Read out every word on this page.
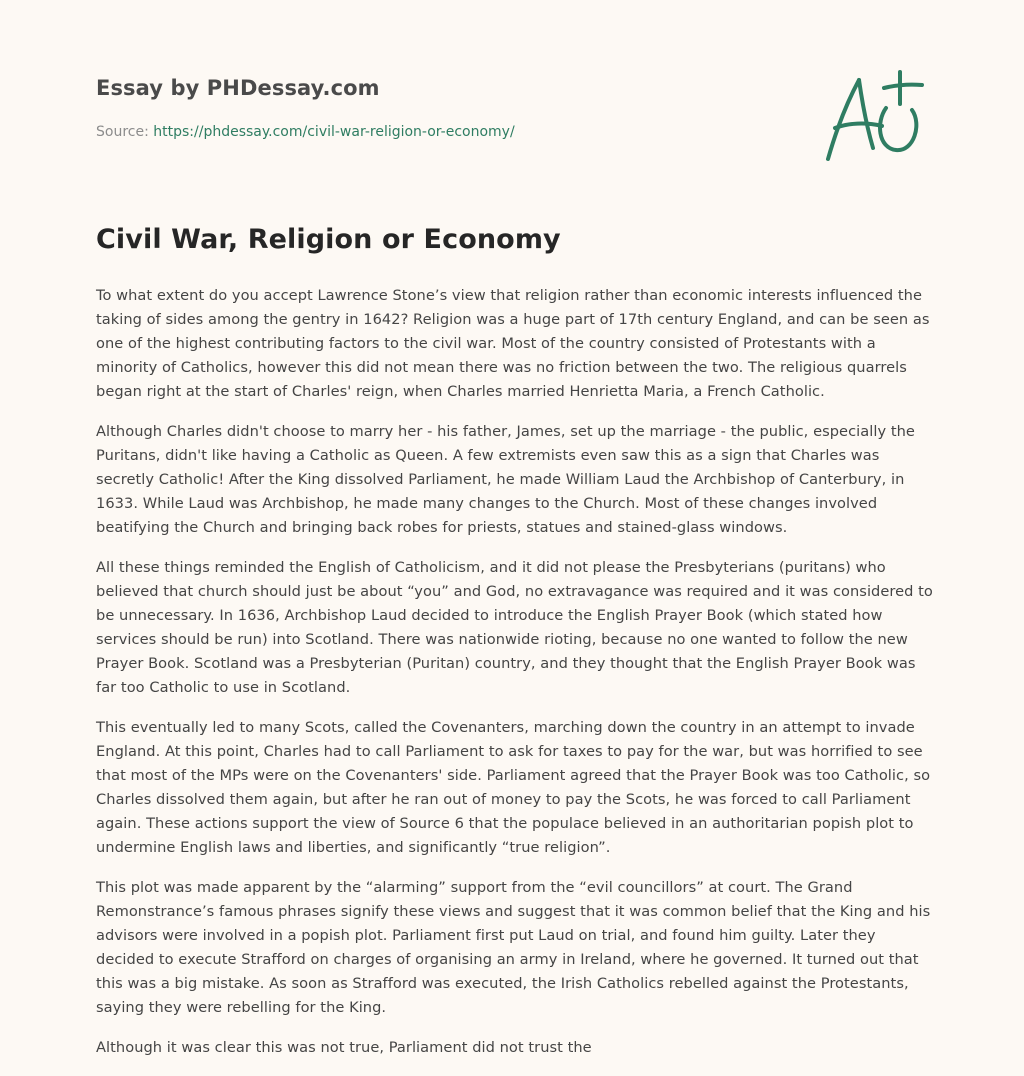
Essay by PHDessay.com
Source: https://phdessay.com/civil-war-religion-or-economy/
Civil War, Religion or Economy

To what extent do you accept Lawrence Stone’s view that religion rather than economic interests influenced the taking of sides among the gentry in 1642? Religion was a huge part of 17th century England, and can be seen as one of the highest contributing factors to the civil war. Most of the country consisted of Protestants with a minority of Catholics, however this did not mean there was no friction between the two. The religious quarrels began right at the start of Charles' reign, when Charles married Henrietta Maria, a French Catholic.

Although Charles didn't choose to marry her - his father, James, set up the marriage - the public, especially the Puritans, didn't like having a Catholic as Queen. A few extremists even saw this as a sign that Charles was secretly Catholic! After the King dissolved Parliament, he made William Laud the Archbishop of Canterbury, in 1633. While Laud was Archbishop, he made many changes to the Church. Most of these changes involved beatifying the Church and bringing back robes for priests, statues and stained-glass windows.

All these things reminded the English of Catholicism, and it did not please the Presbyterians (puritans) who believed that church should just be about “you” and God, no extravagance was required and it was considered to be unnecessary. In 1636, Archbishop Laud decided to introduce the English Prayer Book (which stated how services should be run) into Scotland. There was nationwide rioting, because no one wanted to follow the new Prayer Book. Scotland was a Presbyterian (Puritan) country, and they thought that the English Prayer Book was far too Catholic to use in Scotland.

This eventually led to many Scots, called the Covenanters, marching down the country in an attempt to invade England. At this point, Charles had to call Parliament to ask for taxes to pay for the war, but was horrified to see that most of the MPs were on the Covenanters' side. Parliament agreed that the Prayer Book was too Catholic, so Charles dissolved them again, but after he ran out of money to pay the Scots, he was forced to call Parliament again. These actions support the view of Source 6 that the populace believed in an authoritarian popish plot to undermine English laws and liberties, and significantly “true religion”.

This plot was made apparent by the “alarming” support from the “evil councillors” at court. The Grand Remonstrance’s famous phrases signify these views and suggest that it was common belief that the King and his advisors were involved in a popish plot. Parliament first put Laud on trial, and found him guilty. Later they decided to execute Strafford on charges of organising an army in Ireland, where he governed. It turned out that this was a big mistake. As soon as Strafford was executed, the Irish Catholics rebelled against the Protestants, saying they were rebelling for the King.

Although it was clear this was not true, Parliament did not trust the
